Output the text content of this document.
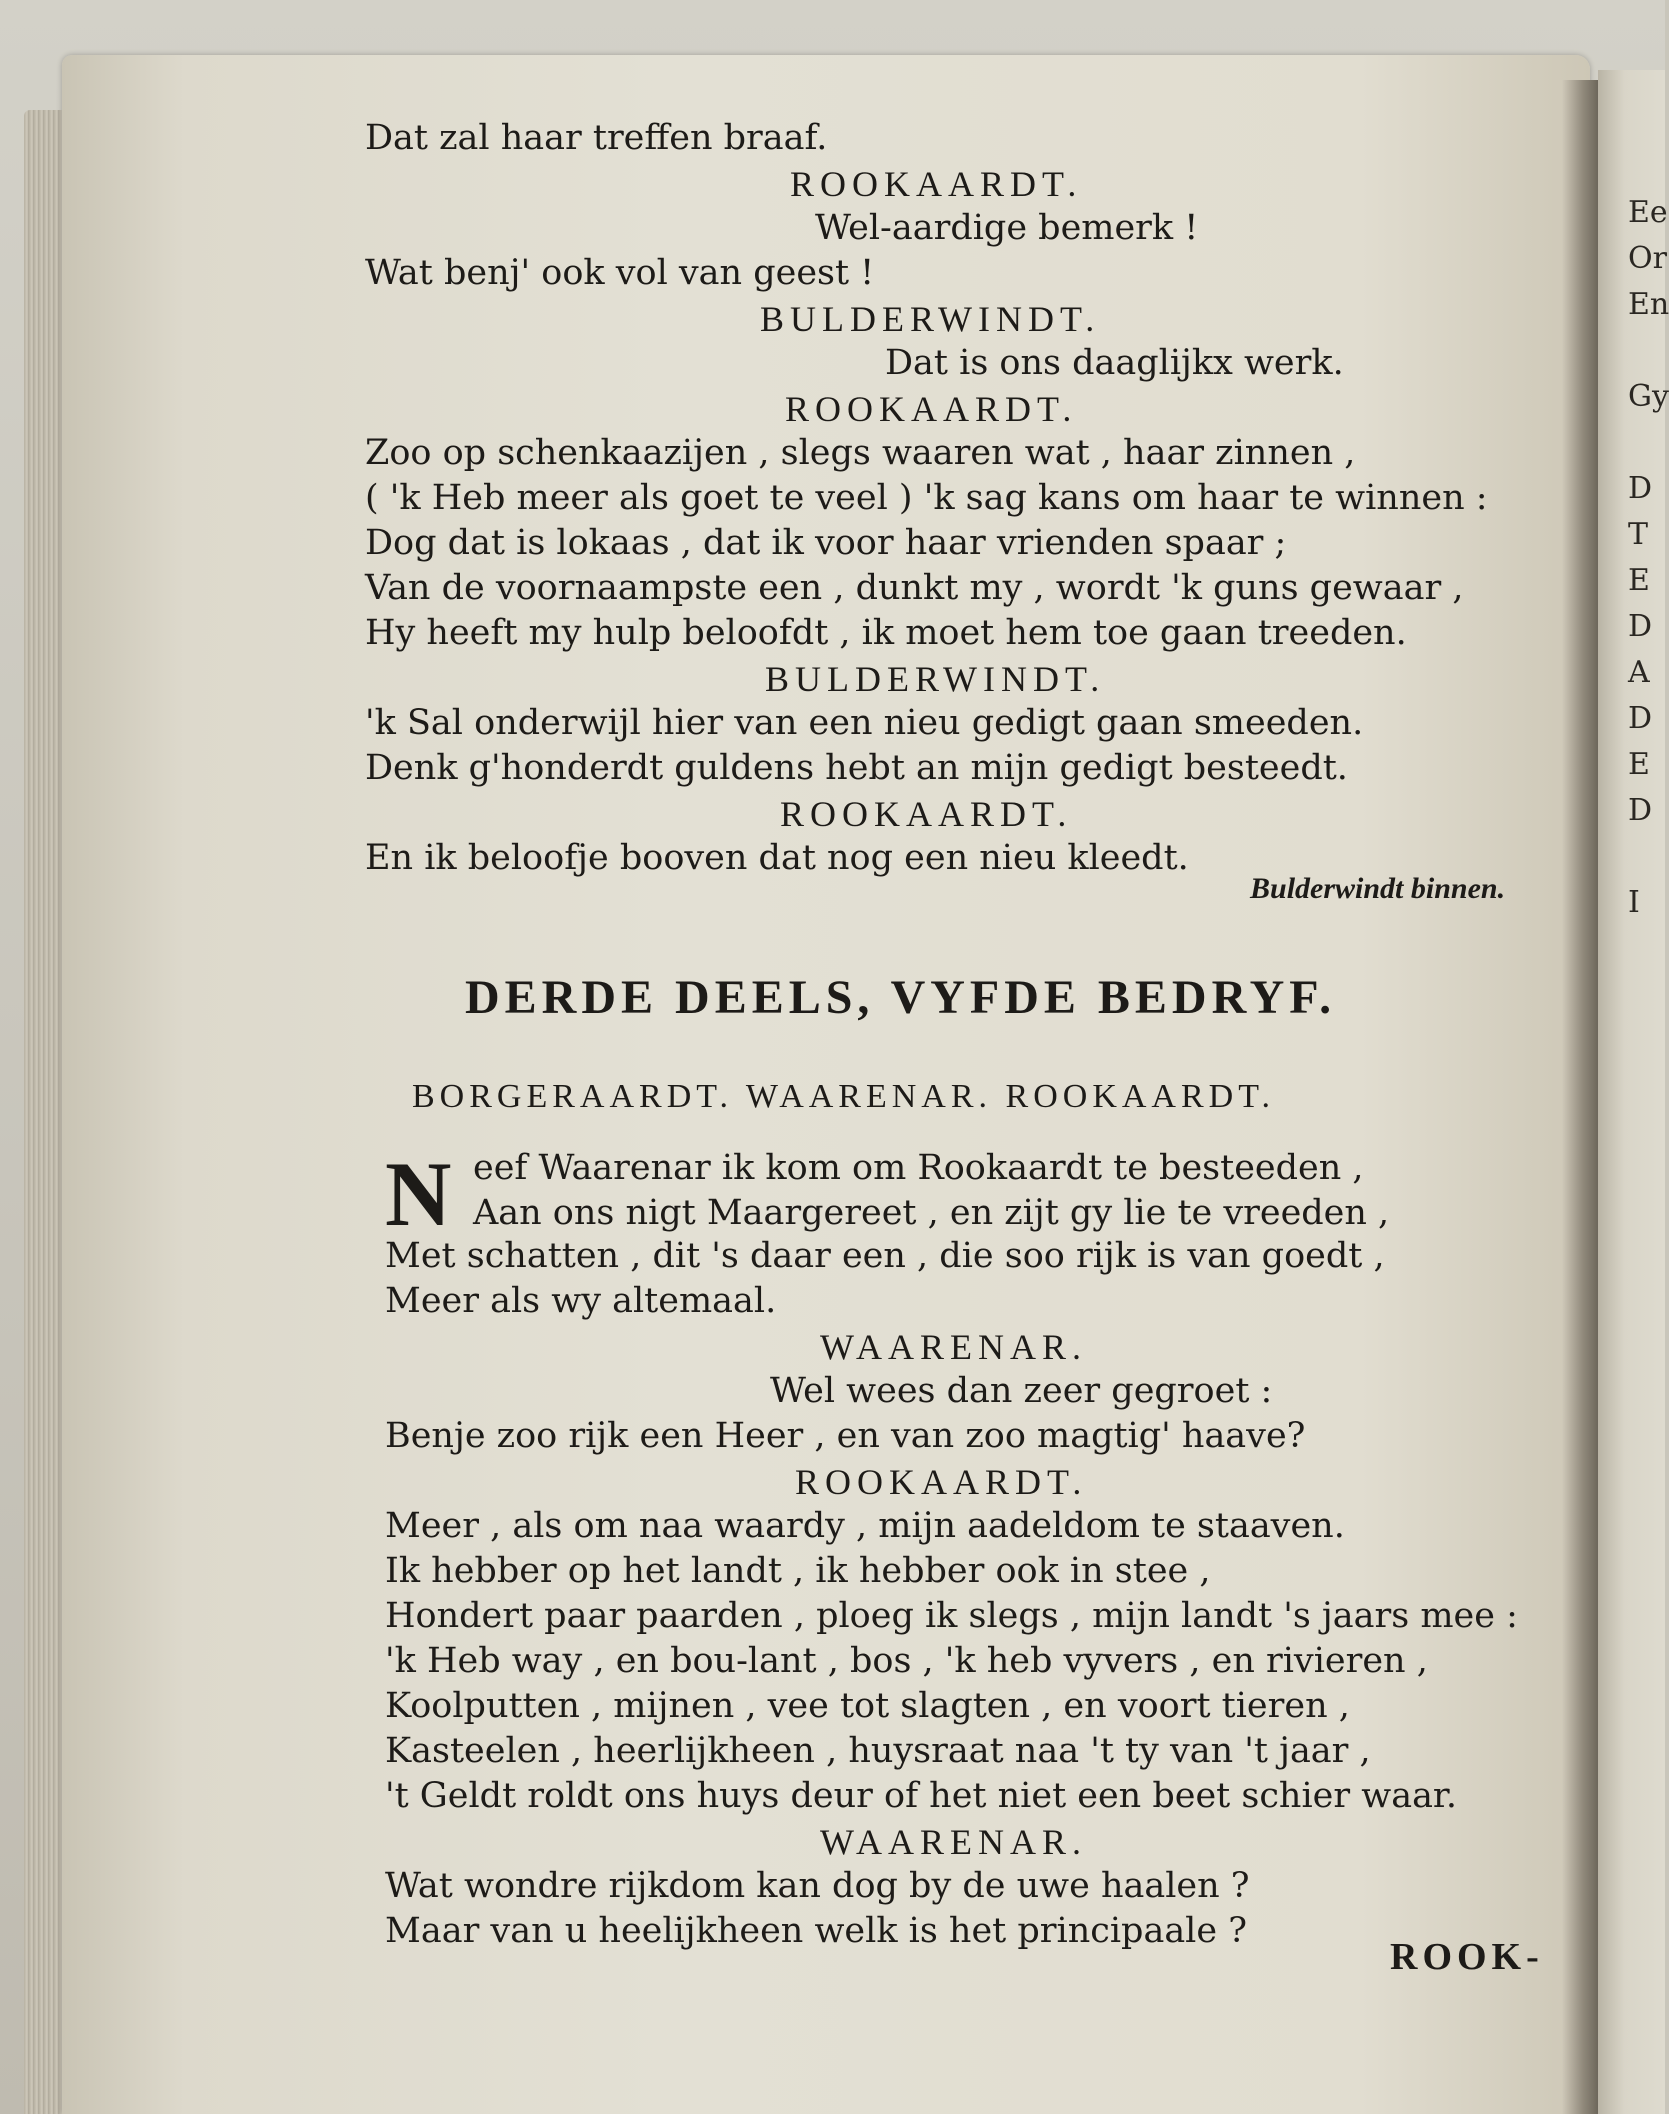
Ee
Or
En
Gy
D
T
E
D
A
D
E
D
I
Dat zal haar treffen braaf.
ROOKAARDT.
Wel-aardige bemerk !
Wat benj' ook vol van geest !
BULDERWINDT.
Dat is ons daaglijkx werk.
ROOKAARDT.
Zoo op schenkaazijen , slegs waaren wat , haar zinnen ,
( 'k Heb meer als goet te veel ) 'k sag kans om haar te winnen :
Dog dat is lokaas , dat ik voor haar vrienden spaar ;
Van de voornaampste een , dunkt my , wordt 'k guns gewaar ,
Hy heeft my hulp beloofdt , ik moet hem toe gaan treeden.
BULDERWINDT.
'k Sal onderwijl hier van een nieu gedigt gaan smeeden.
Denk g'honderdt guldens hebt an mijn gedigt besteedt.
ROOKAARDT.
En ik beloofje booven dat nog een nieu kleedt.
Bulderwindt binnen.
DERDE DEELS, VYFDE BEDRYF.
BORGERAARDT. WAARENAR. ROOKAARDT.
N eef Waarenar ik kom om Rookaardt te besteeden ,
Aan ons nigt Maargereet , en zijt gy lie te vreeden ,
Met schatten , dit 's daar een , die soo rijk is van goedt ,
Meer als wy altemaal.
WAARENAR.
Wel wees dan zeer gegroet :
Benje zoo rijk een Heer , en van zoo magtig' haave?
ROOKAARDT.
Meer , als om naa waardy , mijn aadeldom te staaven.
Ik hebber op het landt , ik hebber ook in stee ,
Hondert paar paarden , ploeg ik slegs , mijn landt 's jaars mee :
'k Heb way , en bou-lant , bos , 'k heb vyvers , en rivieren ,
Koolputten , mijnen , vee tot slagten , en voort tieren ,
Kasteelen , heerlijkheen , huysraat naa 't ty van 't jaar ,
't Geldt roldt ons huys deur of het niet een beet schier waar.
WAARENAR.
Wat wondre rijkdom kan dog by de uwe haalen ?
Maar van u heelijkheen welk is het principaale ?
ROOK-
